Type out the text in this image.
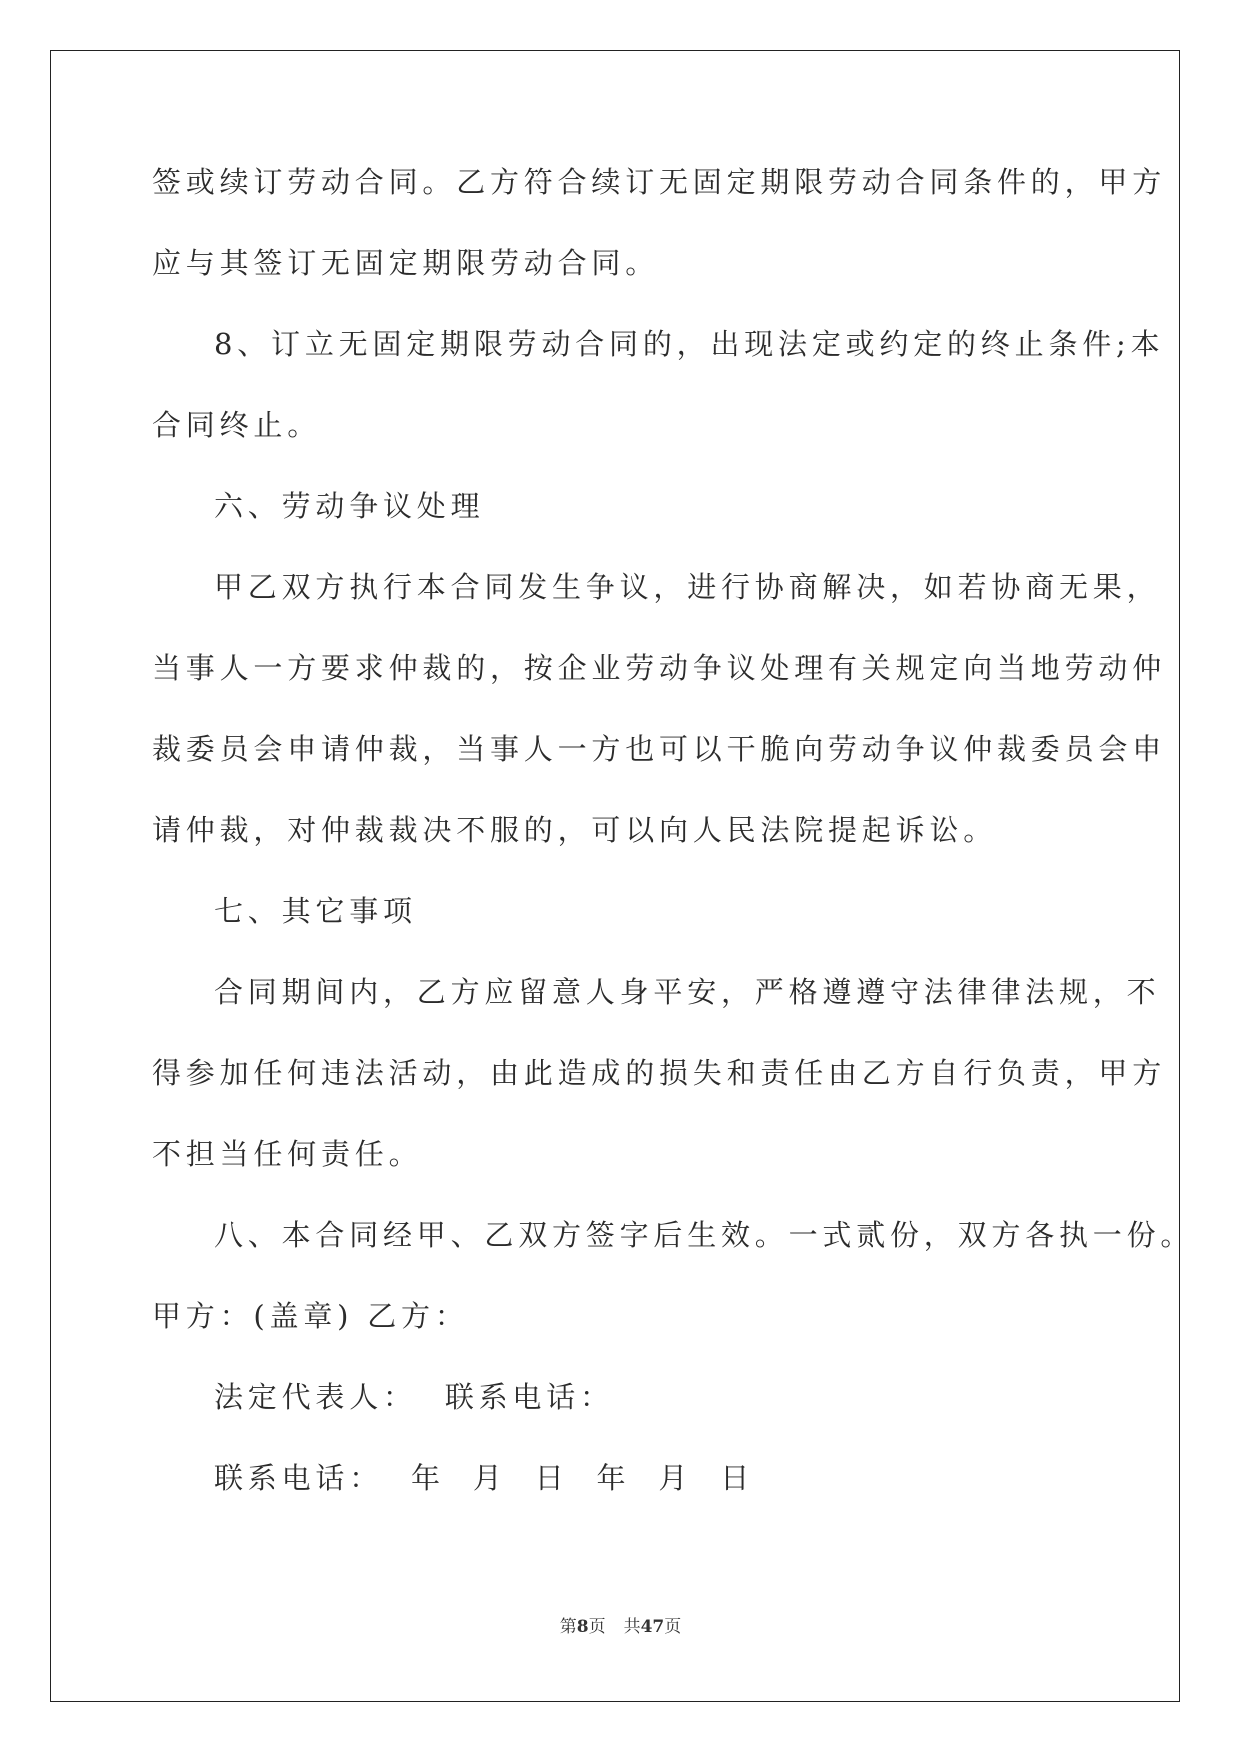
签或续订劳动合同。乙方符合续订无固定期限劳动合同条件的，甲方
应与其签订无固定期限劳动合同。
8、订立无固定期限劳动合同的，出现法定或约定的终止条件;本
合同终止。
六、劳动争议处理
甲乙双方执行本合同发生争议，进行协商解决，如若协商无果，
当事人一方要求仲裁的，按企业劳动争议处理有关规定向当地劳动仲
裁委员会申请仲裁，当事人一方也可以干脆向劳动争议仲裁委员会申
请仲裁，对仲裁裁决不服的，可以向人民法院提起诉讼。
七、其它事项
合同期间内，乙方应留意人身平安，严格遵遵守法律律法规，不
得参加任何违法活动，由此造成的损失和责任由乙方自行负责，甲方
不担当任何责任。
八、本合同经甲、乙双方签字后生效。一式贰份，双方各执一份。
甲方：(盖章) 乙方：
法定代表人：  联系电话：
联系电话：  年  月  日  年  月  日
第8页 共47页
